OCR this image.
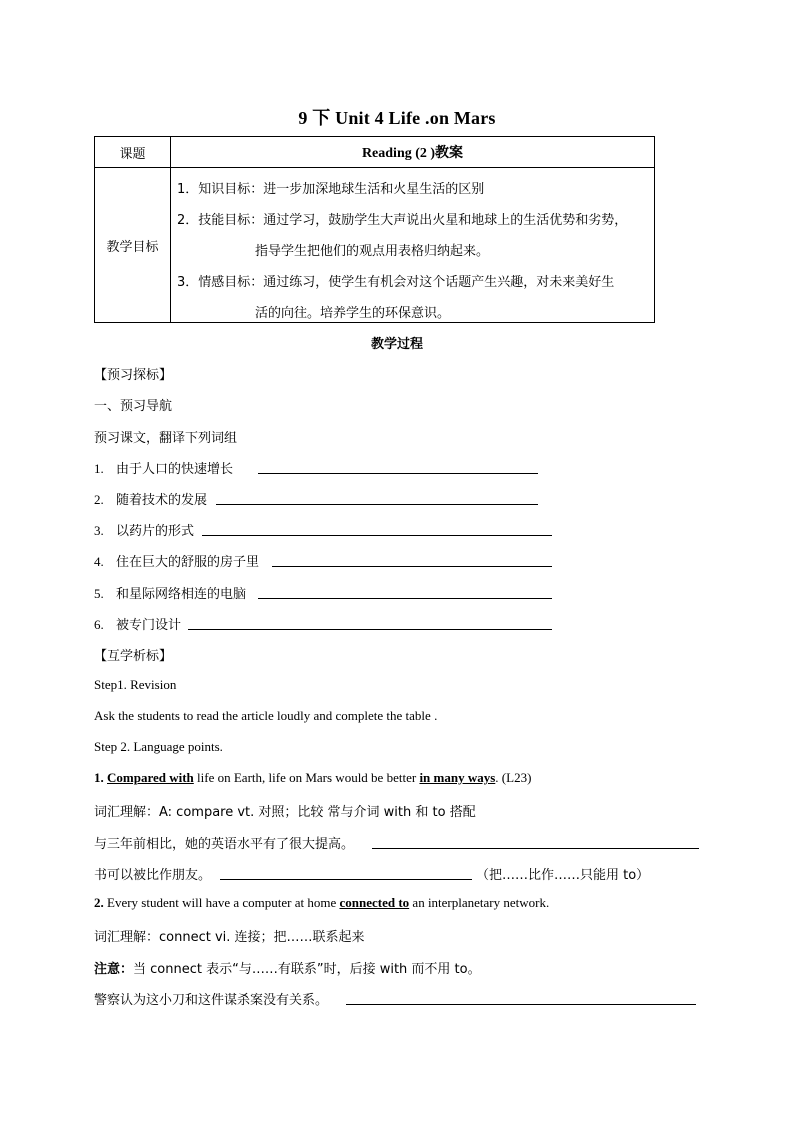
9 下 Unit 4 Life .on Mars
课题	Reading (2 )教案
教学目标	1．知识目标：进一步加深地球生活和火星生活的区别
2．技能目标：通过学习，鼓励学生大声说出火星和地球上的生活优势和劣势，
指导学生把他们的观点用表格归纳起来。
3．情感目标：通过练习，使学生有机会对这个话题产生兴趣，对未来美好生
活的向往。培养学生的环保意识。
教学过程
【预习探标】
一、预习导航
预习课文，翻译下列词组
1. 由于人口的快速增长
2. 随着技术的发展
3. 以药片的形式
4. 住在巨大的舒服的房子里
5. 和星际网络相连的电脑
6. 被专门设计
【互学析标】
Step1. Revision
Ask the students to read the article loudly and complete the table .
Step 2. Language points.
1. Compared with life on Earth, life on Mars would be better in many ways. (L23)
词汇理解：A: compare vt. 对照；比较 常与介词 with 和 to 搭配
与三年前相比，她的英语水平有了很大提高。
书可以被比作朋友。	（把……比作……只能用 to）
2. Every student will have a computer at home connected to an interplanetary network.
词汇理解：connect vi. 连接；把……联系起来
注意：当 connect 表示“与……有联系”时，后接 with 而不用 to。
警察认为这小刀和这件谋杀案没有关系。
